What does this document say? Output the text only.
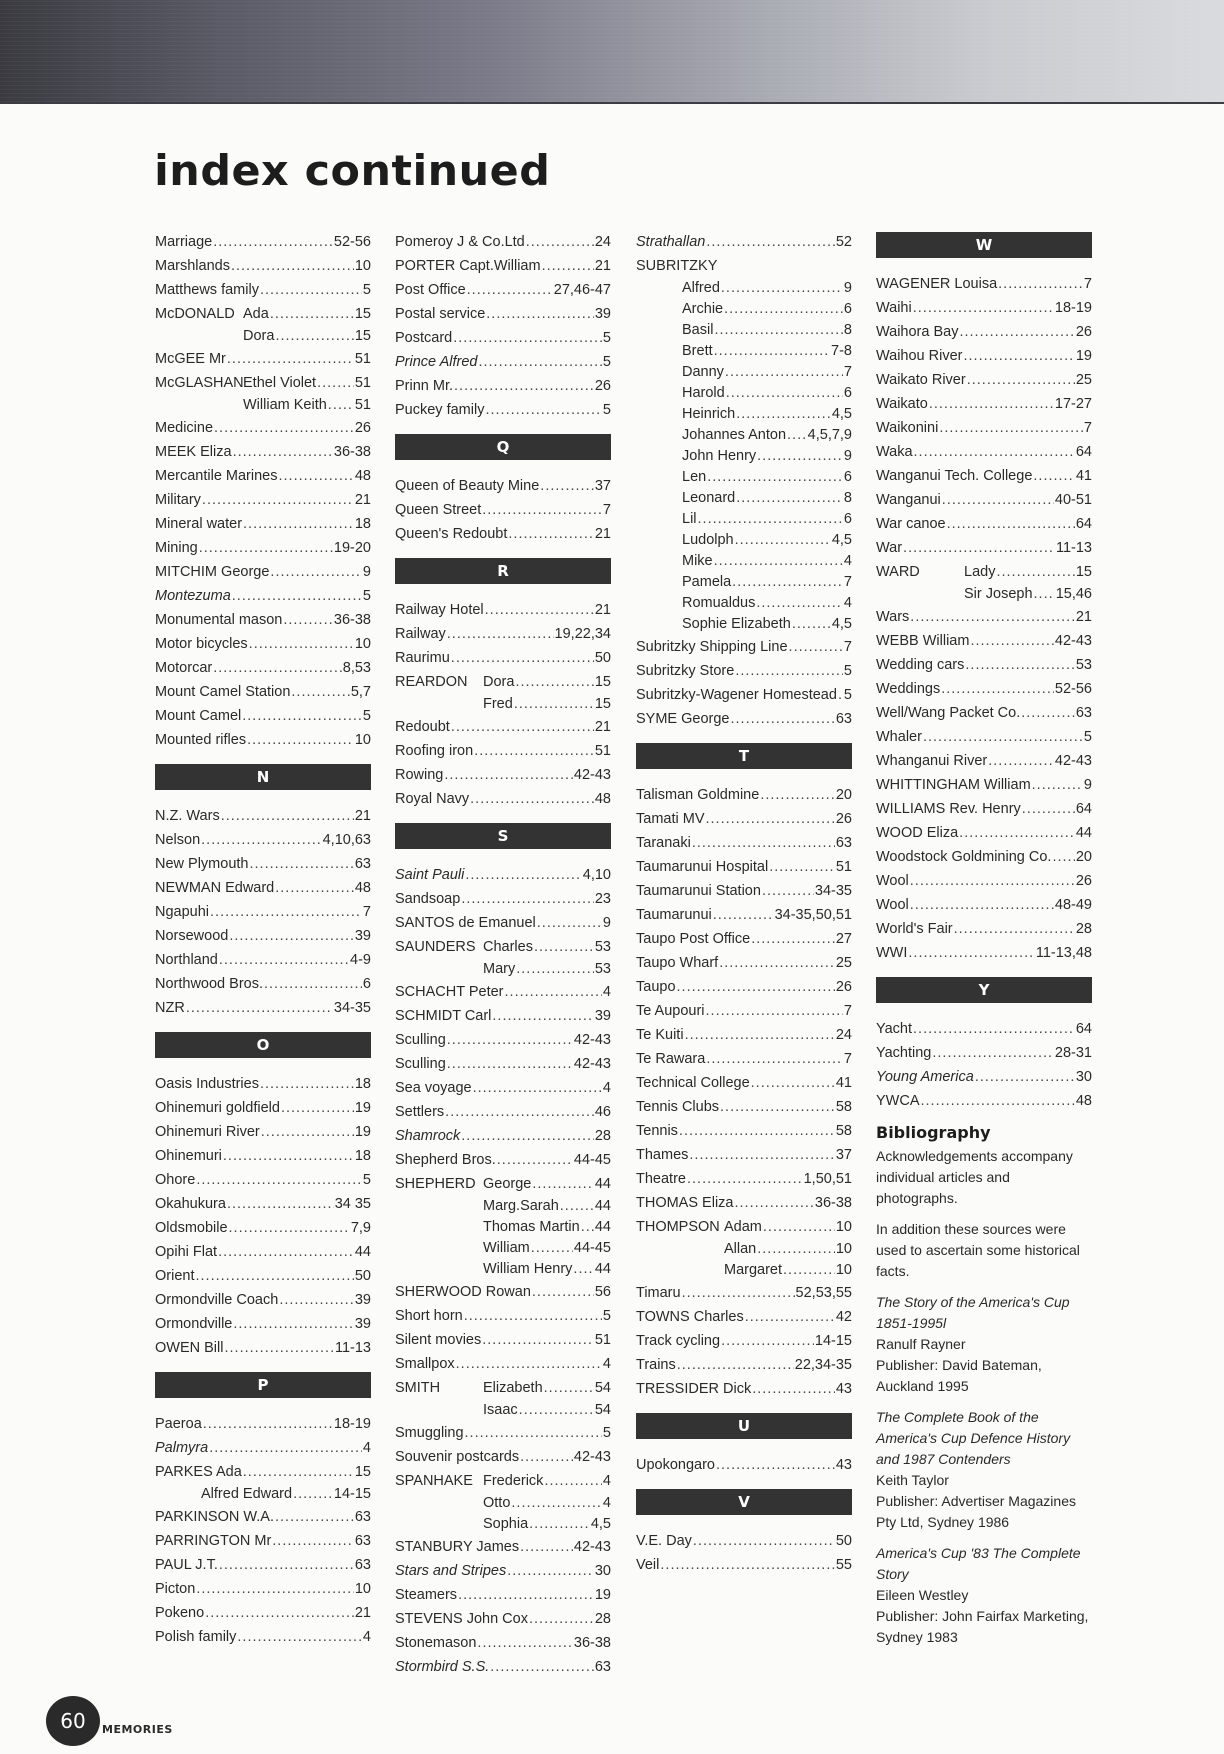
index continued
Marriage .....	52-56
Marshlands .....	10
Matthews family .....	5
McDONALD Ada .....	15
Dora .....	15
McGEE Mr .....	51
McGLASHAN Ethel Violet .....	51
William Keith ..... 51
Medicine .....	26
MEEK Eliza .....	36-38
Mercantile Marines .....	48
Military .....	21
Mineral water .....	18
Mining .....	19-20
MITCHIM George .....	9
Montezuma .....	5
Monumental mason .....	36-38
Motor bicycles .....	10
Motorcar .....	8,53
Mount Camel Station .....	5,7
Mount Camel .....	5
Mounted rifles .....	10
N
N.Z. Wars .....	21
Nelson .....	4,10,63
New Plymouth .....	63
NEWMAN Edward .....	48
Ngapuhi .....	7
Norsewood .....	39
Northland .....	4-9
Northwood Bros. .....	6
NZR .....	34-35
O
Oasis Industries .....	18
Ohinemuri goldfield .....	19
Ohinemuri River .....	19
Ohinemuri .....	18
Ohore .....	5
Okahukura .....	34 35
Oldsmobile .....	7,9
Opihi Flat .....	44
Orient .....	50
Ormondville Coach .....	39
Ormondville .....	39
OWEN Bill .....	11-13
P
Paeroa .....	18-19
Palmyra .....	4
PARKES Ada .....	15
Alfred Edward .....	14-15
PARKINSON W.A. .....	63
PARRINGTON Mr .....	63
PAUL J.T. .....	63
Picton .....	10
Pokeno .....	21
Polish family .....	4
Pomeroy J & Co.Ltd .....	24
PORTER Capt.William .....	21
Post Office .....	27,46-47
Postal service .....	39
Postcard .....	5
Prince Alfred .....	5
Prinn Mr. .....	26
Puckey family .....	5
Q
Queen of Beauty Mine .....	37
Queen Street .....	7
Queen's Redoubt .....	21
R
Railway Hotel .....	21
Railway .....	19,22,34
Raurimu .....	50
REARDON	Dora .....	15
Fred .....	15
Redoubt .....	21
Roofing iron .....	51
Rowing .....	42-43
Royal Navy .....	48
S
Saint Pauli .....	4,10
Sandsoap .....	23
SANTOS de Emanuel .....	9
SAUNDERS Charles .....	53
Mary .....	53
SCHACHT Peter .....	4
SCHMIDT Carl .....	39
Sculling .....	42-43
Sculling .....	42-43
Sea voyage .....	4
Settlers .....	46
Shamrock .....	28
Shepherd Bros. .....	44-45
SHEPHERD George .....	44
Marg.Sarah ..... 44
Thomas Martin ..... 44
William .....	44-45
William Henry ..... 44
SHERWOOD Rowan .....	56
Short horn .....	5
Silent movies .....	51
Smallpox .....	4
SMITH	Elizabeth .....	54
Isaac .....	54
Smuggling .....	5
Souvenir postcards .....	42-43
SPANHAKE Frederick .....	4
Otto .....	4
Sophia .....	4,5
STANBURY James .....	42-43
Stars and Stripes .....	30
Steamers .....	19
STEVENS John Cox .....	28
Stonemason .....	36-38
Stormbird S.S. .....	63
Strathallan .....	52
SUBRITZKY
Alfred .....	9
Archie .....	6
Basil .....	8
Brett .....	7-8
Danny .....	7
Harold .....	6
Heinrich .....	4,5
Johannes Anton ..... 4,5,7,9
John Henry .....	9
Len .....	6
Leonard .....	8
Lil .....	6
Ludolph .....	4,5
Mike .....	4
Pamela .....	7
Romualdus .....	4
Sophie Elizabeth .....	4,5
Subritzky Shipping Line .....	7
Subritzky Store .....	5
Subritzky-Wagener Homestead ..... 5
SYME George .....	63
T
Talisman Goldmine .....	20
Tamati MV .....	26
Taranaki .....	63
Taumarunui Hospital .....	51
Taumarunui Station .....	34-35
Taumarunui .....	34-35,50,51
Taupo Post Office .....	27
Taupo Wharf .....	25
Taupo .....	26
Te Aupouri .....	7
Te Kuiti .....	24
Te Rawara .....	7
Technical College .....	41
Tennis Clubs .....	58
Tennis .....	58
Thames .....	37
Theatre .....	1,50,51
THOMAS Eliza .....	36-38
THOMPSON Adam .....	10
Allan .....	10
Margaret .....	10
Timaru .....	52,53,55
TOWNS Charles .....	42
Track cycling .....	14-15
Trains .....	22,34-35
TRESSIDER Dick .....	43
U
Upokongaro .....	43
V
V.E. Day .....	50
Veil .....	55
W
WAGENER Louisa .....	7
Waihi .....	18-19
Waihora Bay .....	26
Waihou River .....	19
Waikato River .....	25
Waikato .....	17-27
Waikonini .....	7
Waka .....	64
Wanganui Tech. College .....	41
Wanganui .....	40-51
War canoe .....	64
War .....	11-13
WARD	Lady .....	15
Sir Joseph ..... 15,46
Wars .....	21
WEBB William .....	42-43
Wedding cars .....	53
Weddings .....	52-56
Well/Wang Packet Co. .....	63
Whaler .....	5
Whanganui River .....	42-43
WHITTINGHAM William .....	9
WILLIAMS Rev. Henry .....	64
WOOD Eliza .....	44
Woodstock Goldmining Co. ..... 20
Wool .....	26
Wool .....	48-49
World's Fair .....	28
WWI .....	11-13,48
Y
Yacht .....	64
Yachting .....	28-31
Young America .....	30
YWCA .....	48
Bibliography

Acknowledgements accompany individual articles and photographs.

In addition these sources were used to ascertain some historical facts.

The Story of the America's Cup 1851-1995l
Ranulf Rayner
Publisher: David Bateman, Auckland 1995
The Complete Book of the America's Cup Defence History and 1987 Contenders
Keith Taylor
Publisher: Advertiser Magazines Pty Ltd, Sydney 1986
America's Cup '83 The Complete Story
Eileen Westley
Publisher: John Fairfax Marketing, Sydney 1983
60	MEMORIES
